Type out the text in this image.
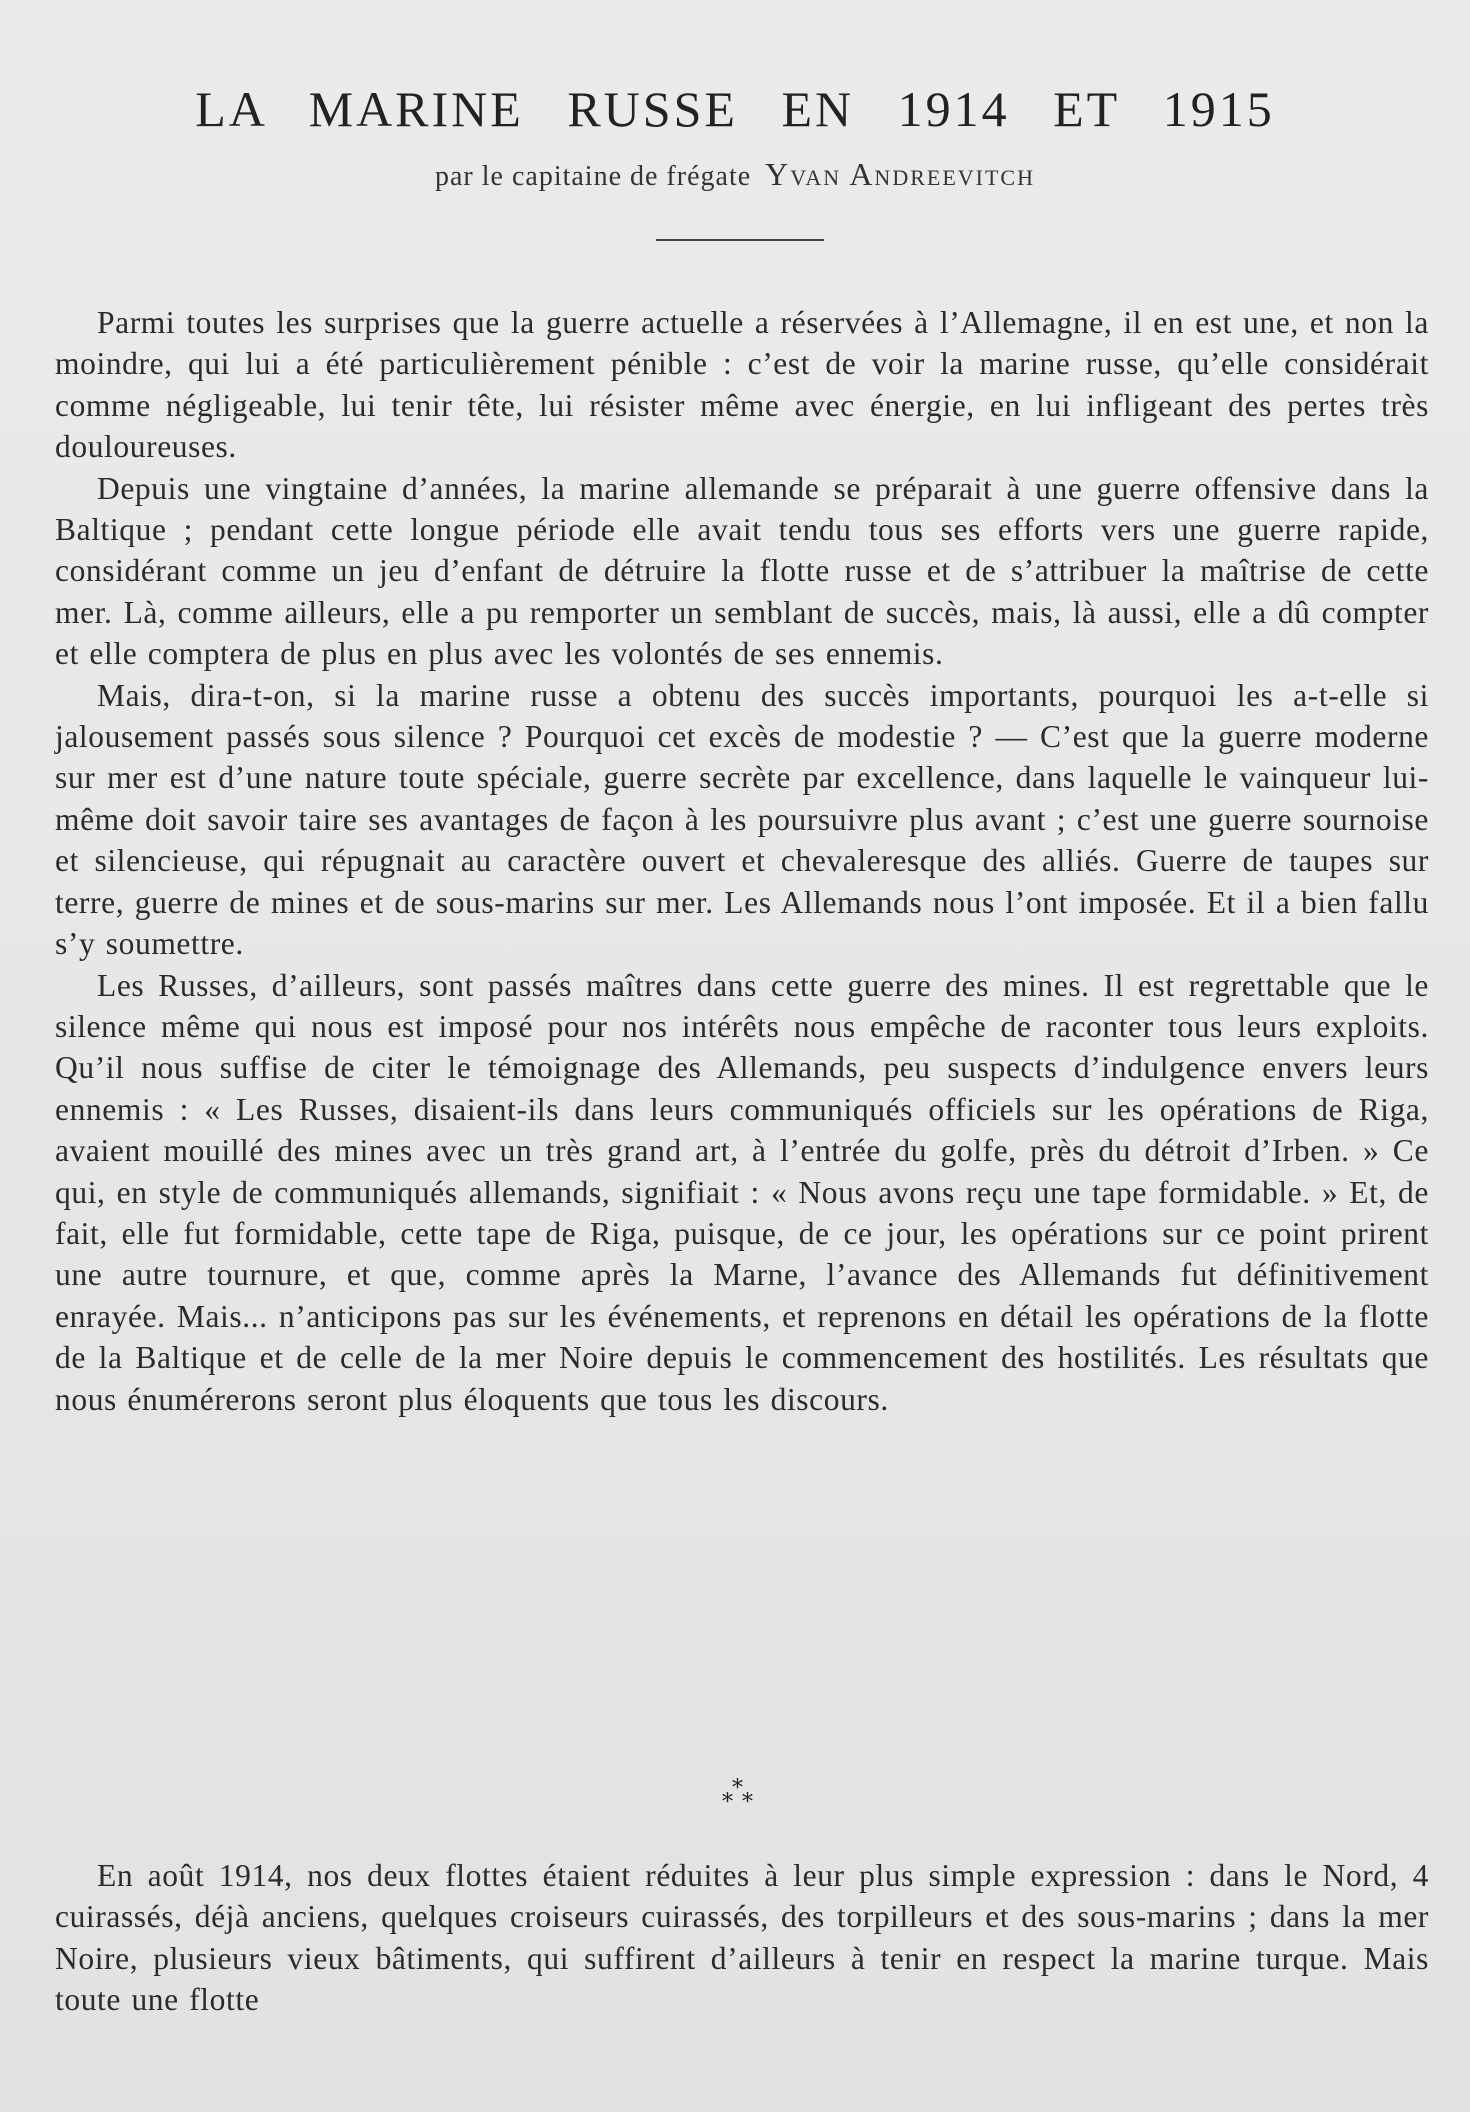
LA MARINE RUSSE EN 1914 ET 1915
par le capitaine de frégate Yvan Andreevitch

Parmi toutes les surprises que la guerre actuelle a réservées à l’Allemagne, il en est une, et non la moindre, qui lui a été particulièrement pénible : c’est de voir la marine russe, qu’elle considérait comme négligeable, lui tenir tête, lui résister même avec énergie, en lui infligeant des pertes très douloureuses.

Depuis une vingtaine d’années, la marine allemande se préparait à une guerre offensive dans la Baltique ; pendant cette longue période elle avait tendu tous ses efforts vers une guerre rapide, considérant comme un jeu d’enfant de détruire la flotte russe et de s’attribuer la maîtrise de cette mer. Là, comme ailleurs, elle a pu remporter un semblant de succès, mais, là aussi, elle a dû compter et elle comptera de plus en plus avec les volontés de ses ennemis.

Mais, dira-t-on, si la marine russe a obtenu des succès importants, pourquoi les a-t-elle si jalousement passés sous silence ? Pourquoi cet excès de modestie ? — C’est que la guerre moderne sur mer est d’une nature toute spéciale, guerre secrète par excellence, dans laquelle le vainqueur lui-même doit savoir taire ses avantages de façon à les poursuivre plus avant ; c’est une guerre sournoise et silencieuse, qui répugnait au caractère ouvert et chevaleresque des alliés. Guerre de taupes sur terre, guerre de mines et de sous-marins sur mer. Les Allemands nous l’ont imposée. Et il a bien fallu s’y soumettre.

Les Russes, d’ailleurs, sont passés maîtres dans cette guerre des mines. Il est regrettable que le silence même qui nous est imposé pour nos intérêts nous empêche de raconter tous leurs exploits. Qu’il nous suffise de citer le témoignage des Allemands, peu suspects d’indulgence envers leurs ennemis : « Les Russes, disaient-ils dans leurs communiqués officiels sur les opérations de Riga, avaient mouillé des mines avec un très grand art, à l’entrée du golfe, près du détroit d’Irben. » Ce qui, en style de communiqués allemands, signifiait : « Nous avons reçu une tape formidable. » Et, de fait, elle fut formidable, cette tape de Riga, puisque, de ce jour, les opérations sur ce point prirent une autre tournure, et que, comme après la Marne, l’avance des Allemands fut définitivement enrayée. Mais... n’anticipons pas sur les événements, et reprenons en détail les opérations de la flotte de la Baltique et de celle de la mer Noire depuis le commencement des hostilités. Les résultats que nous énumérerons seront plus éloquents que tous les discours.

*
* *

En août 1914, nos deux flottes étaient réduites à leur plus simple expression : dans le Nord, 4 cuirassés, déjà anciens, quelques croiseurs cuirassés, des torpilleurs et des sous-marins ; dans la mer Noire, plusieurs vieux bâtiments, qui suffirent d’ailleurs à tenir en respect la marine turque. Mais toute une flotte
